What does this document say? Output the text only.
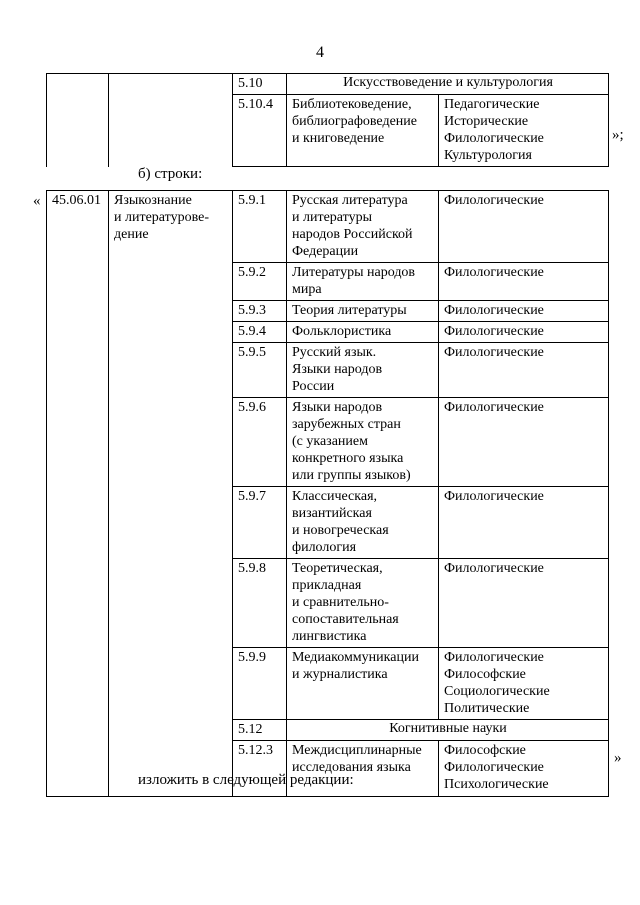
4
		5.10	Искусствоведение и культурология	
		5.10.4	Библиотековедение,
библиографоведение
и книговедение	Педагогические
Исторические
Филологические
Культурология
»;
б) строки:
« 45.06.01	Языкознание
и литературове-
дение	5.9.1	Русская литература
и литературы
народов Российской
Федерации	Филологические

		5.9.2	Литературы народов
мира	Филологические

		5.9.3	Теория литературы	Филологические

		5.9.4	Фольклористика	Филологические

		5.9.5	Русский язык.
Языки народов
России	Филологические

		5.9.6	Языки народов
зарубежных стран
(с указанием
конкретного языка
или группы языков)	Филологические

		5.9.7	Классическая,
византийская
и новогреческая
филология	Филологические

		5.9.8	Теоретическая,
прикладная
и сравнительно-
сопоставительная
лингвистика	Филологические

		5.9.9	Медиакоммуникации
и журналистика	Филологические
Философские
Социологические
Политические

		5.12	Когнитивные науки	
		5.12.3	Междисциплинарные
исследования языка	Философские
Филологические
Психологические
»
изложить в следующей редакции:
